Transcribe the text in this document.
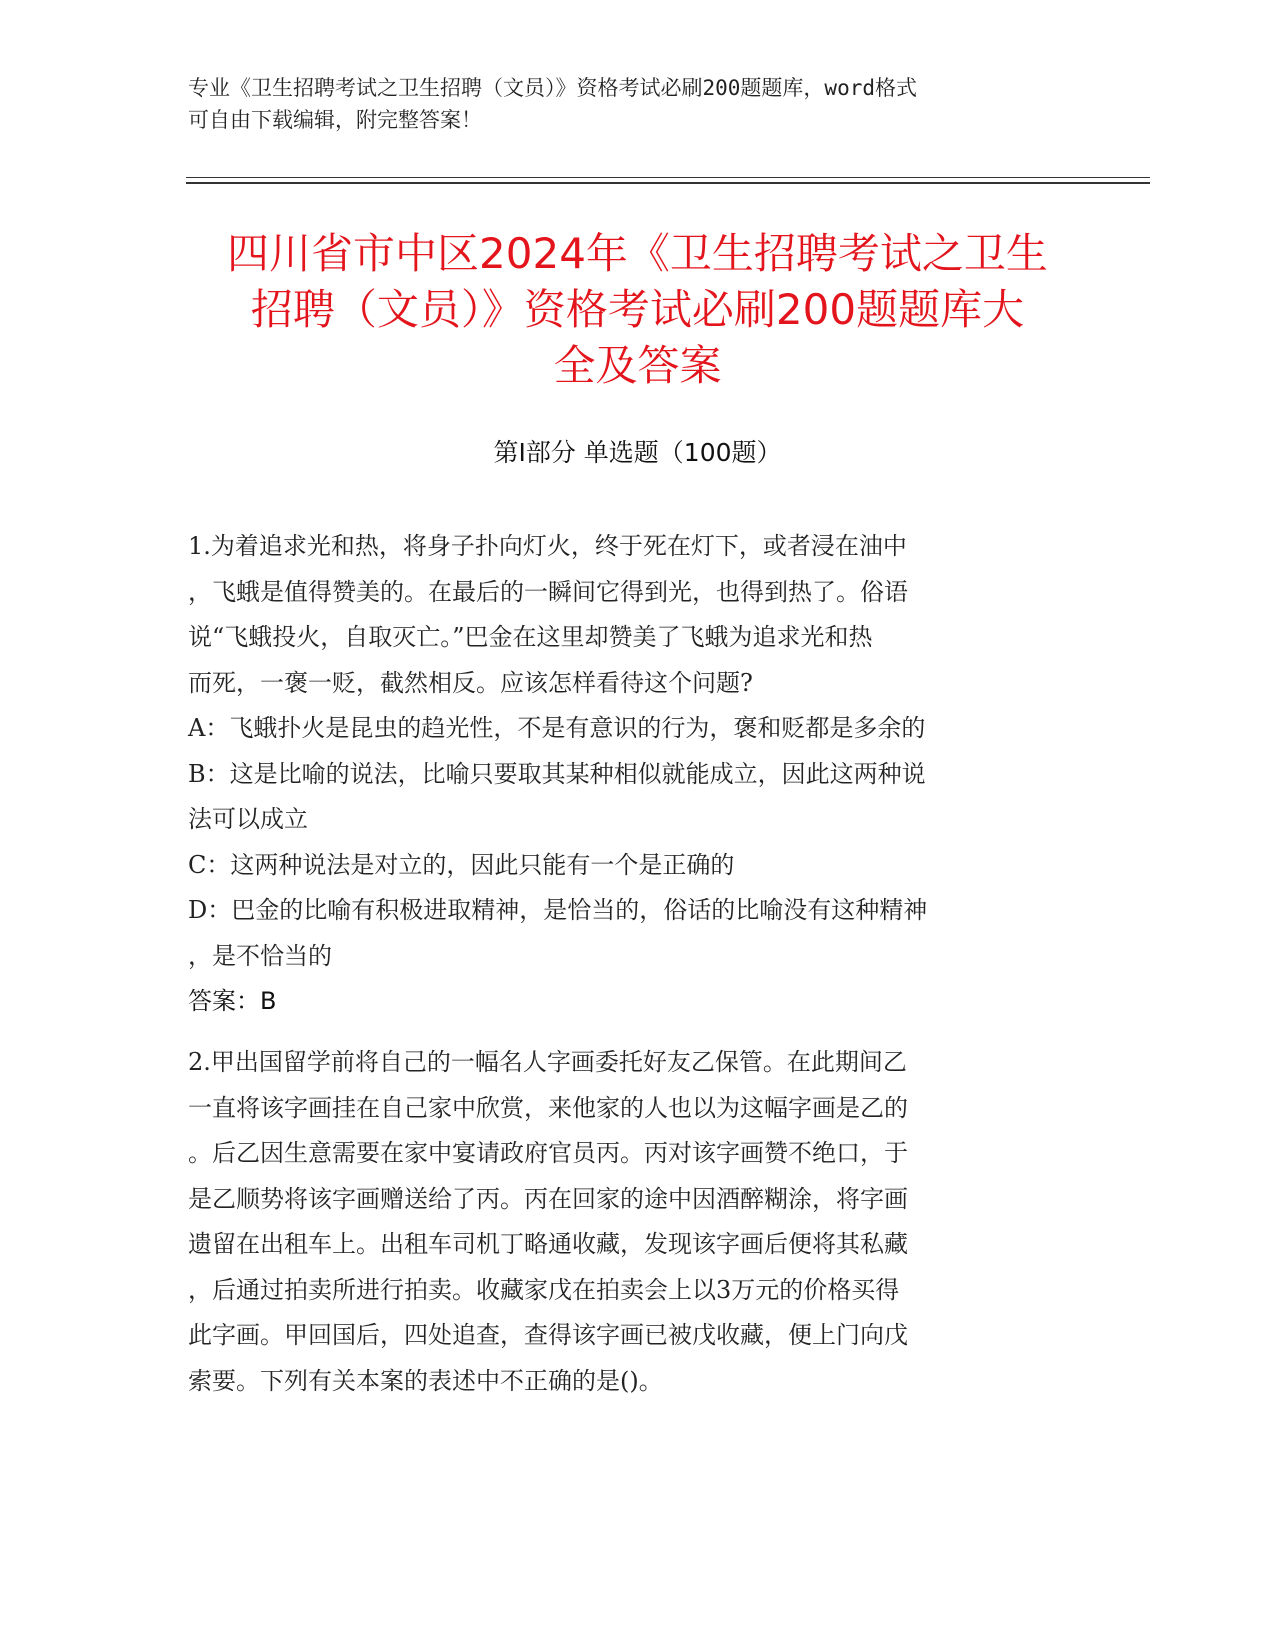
专业《卫生招聘考试之卫生招聘（文员）》资格考试必刷200题题库，word格式

可自由下载编辑，附完整答案！

四川省市中区2024年《卫生招聘考试之卫生

招聘（文员）》资格考试必刷200题题库大

全及答案

第Ⅰ部分 单选题（100题）

1.为着追求光和热，将身子扑向灯火，终于死在灯下，或者浸在油中

，飞蛾是值得赞美的。在最后的一瞬间它得到光，也得到热了。俗语

说“飞蛾投火，自取灭亡。”巴金在这里却赞美了飞蛾为追求光和热

而死，一褒一贬，截然相反。应该怎样看待这个问题?

A：飞蛾扑火是昆虫的趋光性，不是有意识的行为，褒和贬都是多余的

B：这是比喻的说法，比喻只要取其某种相似就能成立，因此这两种说

法可以成立

C：这两种说法是对立的，因此只能有一个是正确的

D：巴金的比喻有积极进取精神，是恰当的，俗话的比喻没有这种精神

，是不恰当的

答案：B

2.甲出国留学前将自己的一幅名人字画委托好友乙保管。在此期间乙

一直将该字画挂在自己家中欣赏，来他家的人也以为这幅字画是乙的

。后乙因生意需要在家中宴请政府官员丙。丙对该字画赞不绝口，于

是乙顺势将该字画赠送给了丙。丙在回家的途中因酒醉糊涂，将字画

遗留在出租车上。出租车司机丁略通收藏，发现该字画后便将其私藏

，后通过拍卖所进行拍卖。收藏家戊在拍卖会上以3万元的价格买得

此字画。甲回国后，四处追查，查得该字画已被戊收藏，便上门向戊

索要。下列有关本案的表述中不正确的是()。
